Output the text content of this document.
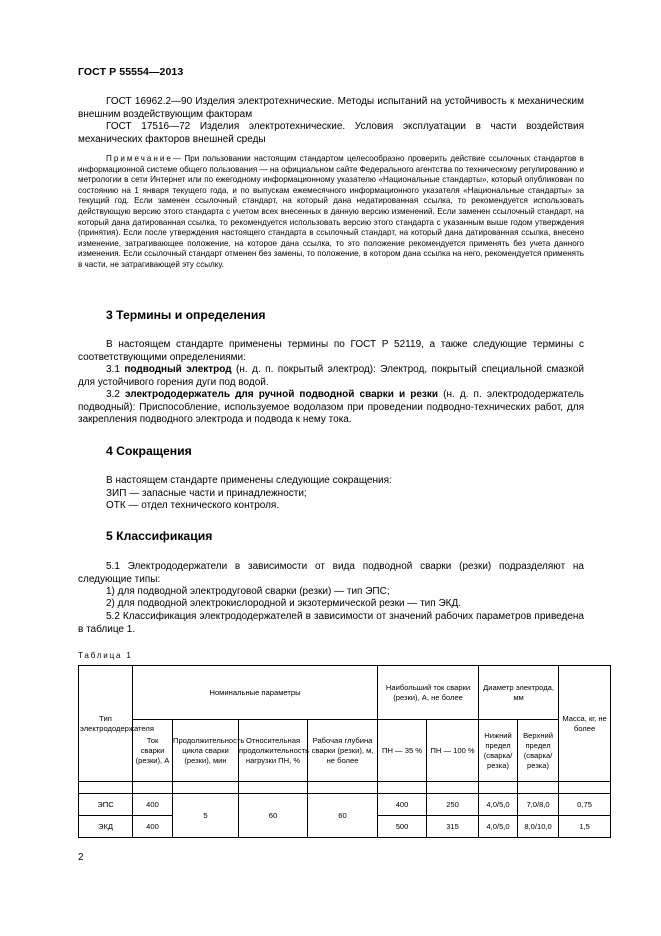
ГОСТ Р 55554—2013
ГОСТ 16962.2—90 Изделия электротехнические. Методы испытаний на устойчивость к механическим внешним воздействующим факторам
ГОСТ 17516—72 Изделия электротехнические. Условия эксплуатации в части воздействия механических факторов внешней среды
Примечание— При пользовании настоящим стандартом целесообразно проверить действие ссылочных стандартов в информационной системе общего пользования — на официальном сайте Федерального агентства по техническому регулированию и метрологии в сети Интернет или по ежегодному информационному указателю «Национальные стандарты», который опубликован по состоянию на 1 января текущего года, и по выпускам ежемесячного информационного указателя «Национальные стандарты» за текущий год. Если заменен ссылочный стандарт, на который дана недатированная ссылка, то рекомендуется использовать действующую версию этого стандарта с учетом всех внесенных в данную версию изменений. Если заменен ссылочный стандарт, на который дана датированная ссылка, то рекомендуется использовать версию этого стандарта с указанным выше годом утверждения (принятия). Если после утверждения настоящего стандарта в ссылочный стандарт, на который дана датированная ссылка, внесено изменение, затрагивающее положение, на которое дана ссылка, то это положение рекомендуется применять без учета данного изменения. Если ссылочный стандарт отменен без замены, то положение, в котором дана ссылка на него, рекомендуется применять в части, не затрагивающей эту ссылку.
3 Термины и определения
В настоящем стандарте применены термины по ГОСТ Р 52119, а также следующие термины с соответствующими определениями:
3.1 подводный электрод (н. д. п. покрытый электрод): Электрод, покрытый специальной смазкой для устойчивого горения дуги под водой.
3.2 электрододержатель для ручной подводной сварки и резки (н. д. п. электрододержатель подводный): Приспособление, используемое водолазом при проведении подводно-технических работ, для закрепления подводного электрода и подвода к нему тока.
4 Сокращения
В настоящем стандарте применены следующие сокращения:
ЗИП — запасные части и принадлежности;
ОТК — отдел технического контроля.
5 Классификация
5.1 Электрододержатели в зависимости от вида подводной сварки (резки) подразделяют на следующие типы:
1) для подводной электродуговой сварки (резки) — тип ЭПС;
2) для подводной электрокислородной и экзотермической резки — тип ЭКД.
5.2 Классификация электрододержателей в зависимости от значений рабочих параметров приведена в таблице 1.
Таблица 1
Тип электрододержателя	Номинальные параметры				Наибольший ток сварки (резки), А, не более		Диаметр электрода, мм		Масса, кг, не более
	Ток сварки (резки), А	Продолжительность цикла сварки (резки), мин	Относительная продолжительность нагрузки ПН, %	Рабочая глубина сварки (резки), м, не более	ПН — 35 %	ПН — 100 %	Нижний предел (сварка/резка)	Верхний предел (сварка/резка)	

ЭПС	400	5	60	60	400	250	4,0/5,0	7,0/8,0	0,75
ЭКД	400				500	315	4,0/5,0	8,0/10,0	1,5
2
